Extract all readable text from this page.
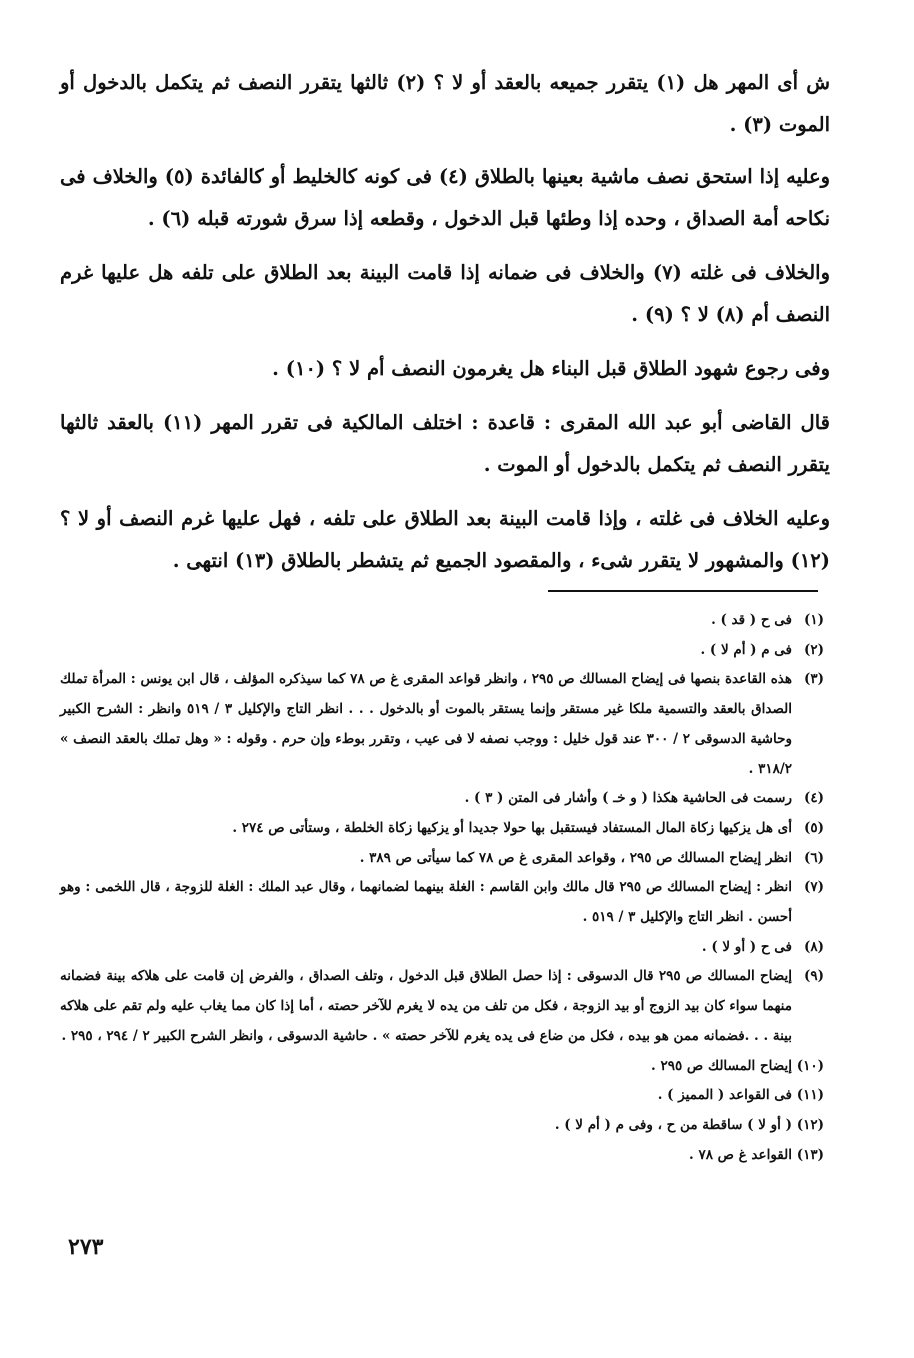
ش أى المهر هل (١) يتقرر جميعه بالعقد أو لا ؟ (٢) ثالثها يتقرر النصف ثم يتكمل بالدخول أو الموت (٣) .

وعليه إذا استحق نصف ماشية بعينها بالطلاق (٤) فى كونه كالخليط أو كالفائدة (٥) والخلاف فى نكاحه أمة الصداق ، وحده إذا وطئها قبل الدخول ، وقطعه إذا سرق شورته قبله (٦) .

والخلاف فى غلته (٧) والخلاف فى ضمانه إذا قامت البينة بعد الطلاق على تلفه هل عليها غرم النصف أم (٨) لا ؟ (٩) .

وفى رجوع شهود الطلاق قبل البناء هل يغرمون النصف أم لا ؟ (١٠) .

قال القاضى أبو عبد الله المقرى : قاعدة : اختلف المالكية فى تقرر المهر (١١) بالعقد ثالثها يتقرر النصف ثم يتكمل بالدخول أو الموت .

وعليه الخلاف فى غلته ، وإذا قامت البينة بعد الطلاق على تلفه ، فهل عليها غرم النصف أو لا ؟ (١٢) والمشهور لا يتقرر شىء ، والمقصود الجميع ثم يتشطر بالطلاق (١٣) انتهى .

(١)
فى ح ( قد ) .
(٢)
فى م ( أم لا ) .
(٣)
هذه القاعدة بنصها فى إيضاح المسالك ص ٢٩٥ ، وانظر قواعد المقرى غ ص ٧٨ كما سيذكره المؤلف ، قال ابن يونس : المرأة تملك الصداق بالعقد والتسمية ملكا غير مستقر وإنما يستقر بالموت أو بالدخول . . . انظر التاج والإكليل ٣ / ٥١٩ وانظر : الشرح الكبير وحاشية الدسوقى ٢ / ٣٠٠ عند قول خليل : ووجب نصفه لا فى عيب ، وتقرر بوطء وإن حرم . وقوله : « وهل تملك بالعقد النصف » ٣١٨/٢ .
(٤)
رسمت فى الحاشية هكذا ( و خـ ) وأشار فى المتن ( ٣ ) .
(٥)
أى هل يزكيها زكاة المال المستفاد فيستقبل بها حولا جديدا أو يزكيها زكاة الخلطة ، وستأتى ص ٢٧٤ .
(٦)
انظر إيضاح المسالك ص ٢٩٥ ، وقواعد المقرى غ ص ٧٨ كما سيأتى ص ٣٨٩ .
(٧)
انظر : إيضاح المسالك ص ٢٩٥ قال مالك وابن القاسم : الغلة بينهما لضمانهما ، وقال عبد الملك : الغلة للزوجة ، قال اللخمى : وهو أحسن . انظر التاج والإكليل ٣ / ٥١٩ .
(٨)
فى ح ( أو لا ) .
(٩)
إيضاح المسالك ص ٢٩٥ قال الدسوقى : إذا حصل الطلاق قبل الدخول ، وتلف الصداق ، والفرض إن قامت على هلاكه بينة فضمانه منهما سواء كان بيد الزوج أو بيد الزوجة ، فكل من تلف من يده لا يغرم للآخر حصته ، أما إذا كان مما يغاب عليه ولم تقم على هلاكه بينة . . .فضمانه ممن هو بيده ، فكل من ضاع فى يده يغرم للآخر حصته » . حاشية الدسوقى ، وانظر الشرح الكبير ٢ / ٢٩٤ ، ٢٩٥ .
(١٠)
إيضاح المسالك ص ٢٩٥ .
(١١)
فى القواعد ( المميز ) .
(١٢)
( أو لا ) ساقطة من ح ، وفى م ( أم لا ) .
(١٣)
القواعد غ ص ٧٨ .
٢٧٣
